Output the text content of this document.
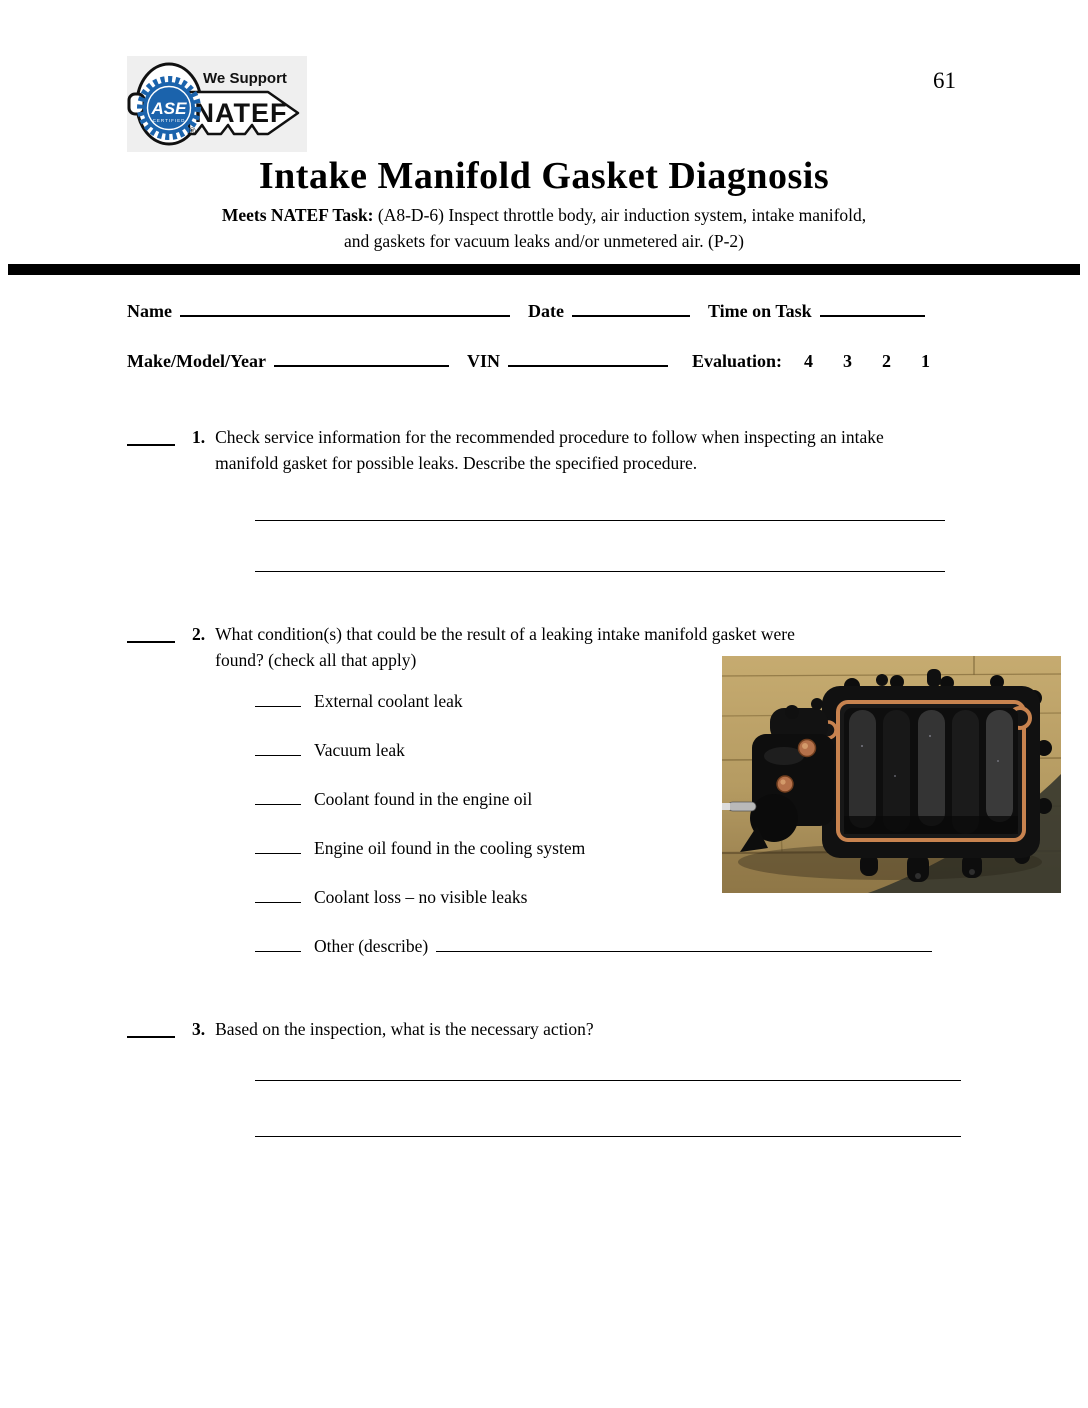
61
We Support
NATEF
ASE
CERTIFIED
®
Intake Manifold Gasket Diagnosis
Meets NATEF Task: (A8-D-6) Inspect throttle body, air induction system, intake manifold,
and gaskets for vacuum leaks and/or unmetered air. (P-2)
Name	Date	Time on Task
Make/Model/Year	VIN	Evaluation: 4 3 2 1
1. Check service information for the recommended procedure to follow when inspecting an intake manifold gasket for possible leaks. Describe the specified procedure.
2. What condition(s) that could be the result of a leaking intake manifold gasket were found? (check all that apply)
External coolant leak
Vacuum leak
Coolant found in the engine oil
Engine oil found in the cooling system
Coolant loss – no visible leaks
Other (describe)
3. Based on the inspection, what is the necessary action?
